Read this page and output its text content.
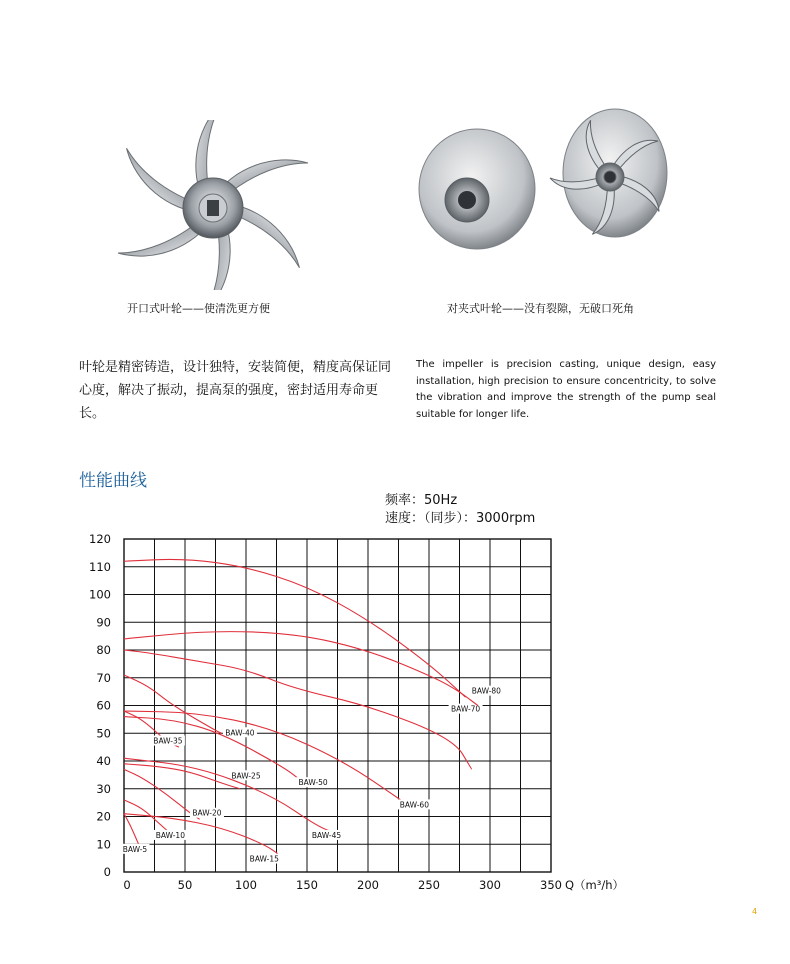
开口式叶轮——使清洗更方便	对夹式叶轮——没有裂隙，无破口死角
叶轮是精密铸造，设计独特，安装简便，精度高保证同心度，解决了振动，提高泵的强度，密封适用寿命更长。
The impeller is precision casting, unique design, easy installation, high precision to ensure concentricity, to solve the vibration and improve the strength of the pump seal suitable for longer life.
性能曲线
频率：50Hz
速度：（同步）：3000rpm
0
10
20
30
40
50
60
70
80
90
100
110
120
0	50	100	150	200	250	300	350 Q（m³/h）
BAW-5
BAW-10
BAW-15
BAW-20
BAW-25
BAW-35
BAW-40
BAW-45
BAW-50
BAW-60
BAW-70
BAW-80
4
